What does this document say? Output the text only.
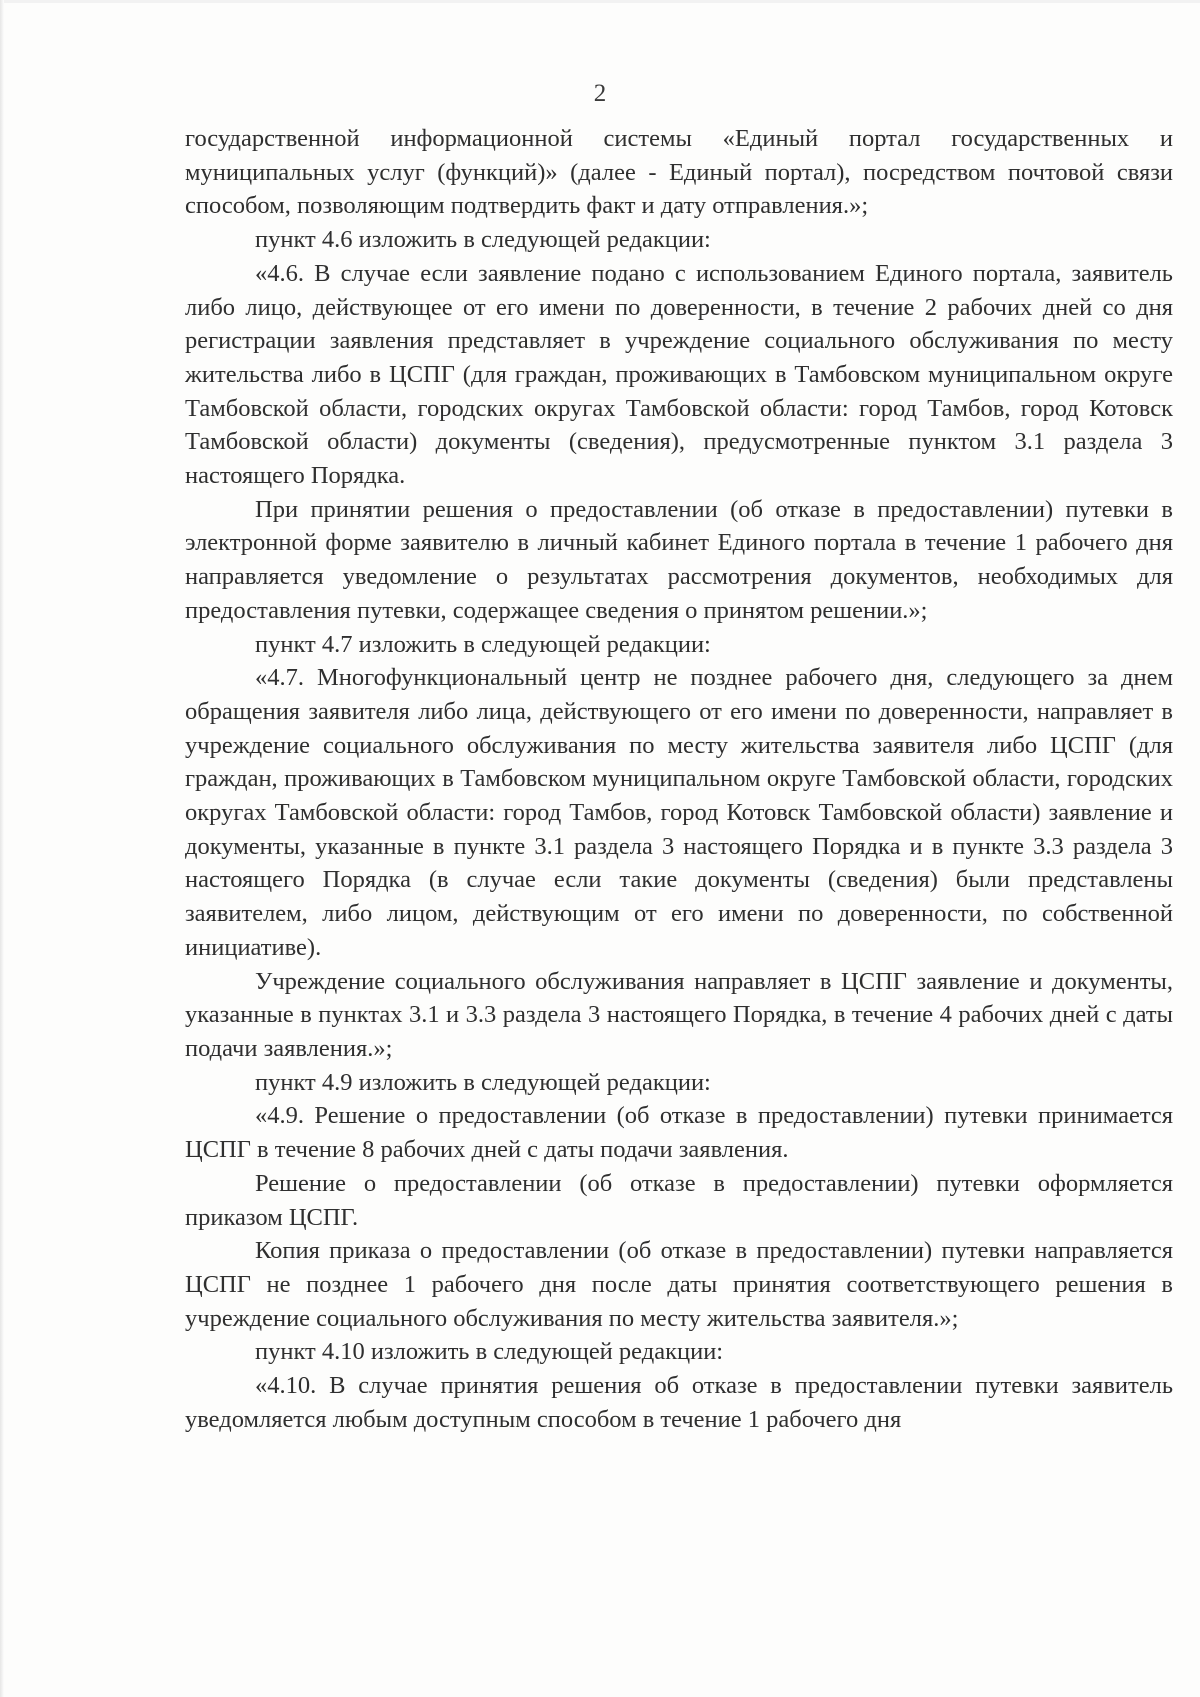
2

государственной информационной системы «Единый портал государственных и муниципальных услуг (функций)» (далее - Единый портал), посредством почтовой связи способом, позволяющим подтвердить факт и дату отправления.»;

пункт 4.6 изложить в следующей редакции:

«4.6. В случае если заявление подано с использованием Единого портала, заявитель либо лицо, действующее от его имени по доверенности, в течение 2 рабочих дней со дня регистрации заявления представляет в учреждение социального обслуживания по месту жительства либо в ЦСПГ (для граждан, проживающих в Тамбовском муниципальном округе Тамбовской области, городских округах Тамбовской области: город Тамбов, город Котовск Тамбовской области) документы (сведения), предусмотренные пунктом 3.1 раздела 3 настоящего Порядка.

При принятии решения о предоставлении (об отказе в предоставлении) путевки в электронной форме заявителю в личный кабинет Единого портала в течение 1 рабочего дня направляется уведомление о результатах рассмотрения документов, необходимых для предоставления путевки, содержащее сведения о принятом решении.»;

пункт 4.7 изложить в следующей редакции:

«4.7. Многофункциональный центр не позднее рабочего дня, следующего за днем обращения заявителя либо лица, действующего от его имени по доверенности, направляет в учреждение социального обслуживания по месту жительства заявителя либо ЦСПГ (для граждан, проживающих в Тамбовском муниципальном округе Тамбовской области, городских округах Тамбовской области: город Тамбов, город Котовск Тамбовской области) заявление и документы, указанные в пункте 3.1 раздела 3 настоящего Порядка и в пункте 3.3 раздела 3 настоящего Порядка (в случае если такие документы (сведения) были представлены заявителем, либо лицом, действующим от его имени по доверенности, по собственной инициативе).

Учреждение социального обслуживания направляет в ЦСПГ заявление и документы, указанные в пунктах 3.1 и 3.3 раздела 3 настоящего Порядка, в течение 4 рабочих дней с даты подачи заявления.»;

пункт 4.9 изложить в следующей редакции:

«4.9. Решение о предоставлении (об отказе в предоставлении) путевки принимается ЦСПГ в течение 8 рабочих дней с даты подачи заявления.

Решение о предоставлении (об отказе в предоставлении) путевки оформляется приказом ЦСПГ.

Копия приказа о предоставлении (об отказе в предоставлении) путевки направляется ЦСПГ не позднее 1 рабочего дня после даты принятия соответствующего решения в учреждение социального обслуживания по месту жительства заявителя.»;

пункт 4.10 изложить в следующей редакции:

«4.10. В случае принятия решения об отказе в предоставлении путевки заявитель уведомляется любым доступным способом в течение 1 рабочего дня
